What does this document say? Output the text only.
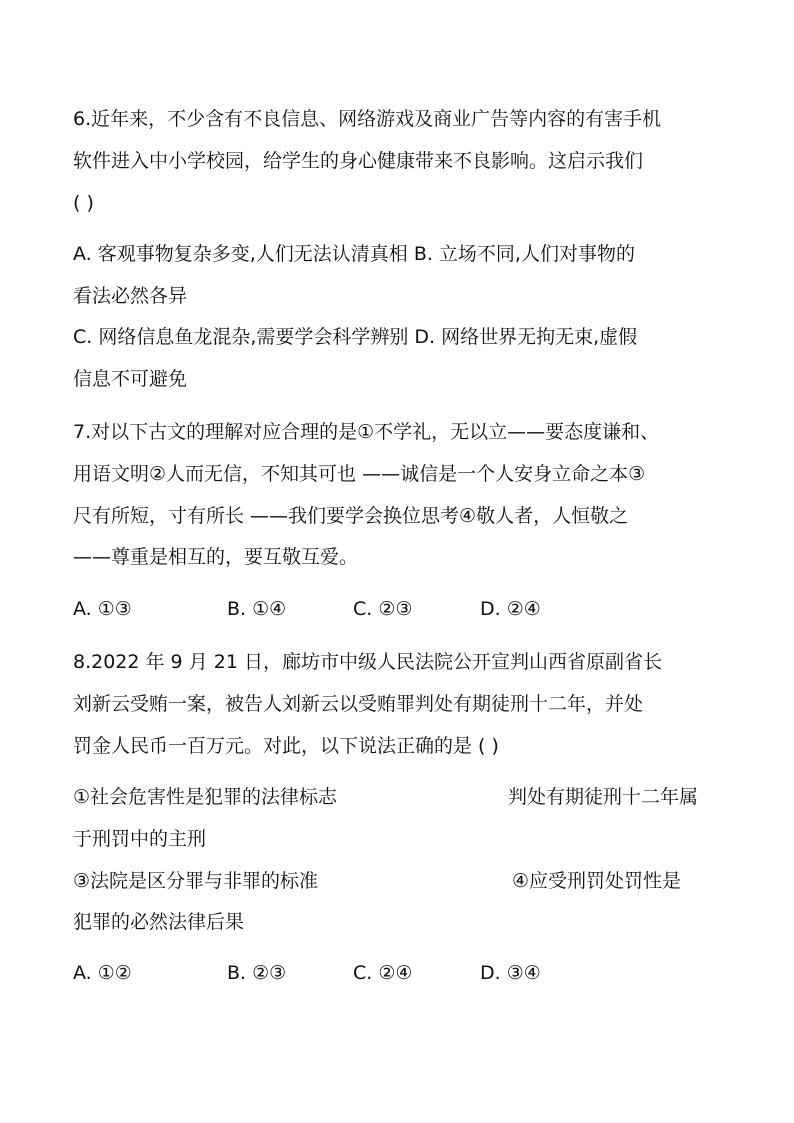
6.近年来，不少含有不良信息、网络游戏及商业广告等内容的有害手机
软件进入中小学校园，给学生的身心健康带来不良影响。这启示我们
( )
A. 客观事物复杂多变,人们无法认清真相 B. 立场不同,人们对事物的
看法必然各异
C. 网络信息鱼龙混杂,需要学会科学辨别 D. 网络世界无拘无束,虚假
信息不可避免
7.对以下古文的理解对应合理的是①不学礼，无以立——要态度谦和、
用语文明②人而无信，不知其可也 ——诚信是一个人安身立命之本③
尺有所短，寸有所长 ——我们要学会换位思考④敬人者，人恒敬之
——尊重是相互的，要互敬互爱。
A. ①③	B. ①④	C. ②③	D. ②④
8.2022 年 9 月 21 日，廊坊市中级人民法院公开宣判山西省原副省长
刘新云受贿一案，被告人刘新云以受贿罪判处有期徒刑十二年，并处
罚金人民币一百万元。对此，以下说法正确的是 ( )
①社会危害性是犯罪的法律标志	判处有期徒刑十二年属
于刑罚中的主刑
③法院是区分罪与非罪的标准	④应受刑罚处罚性是
犯罪的必然法律后果
A. ①②	B. ②③	C. ②④	D. ③④
